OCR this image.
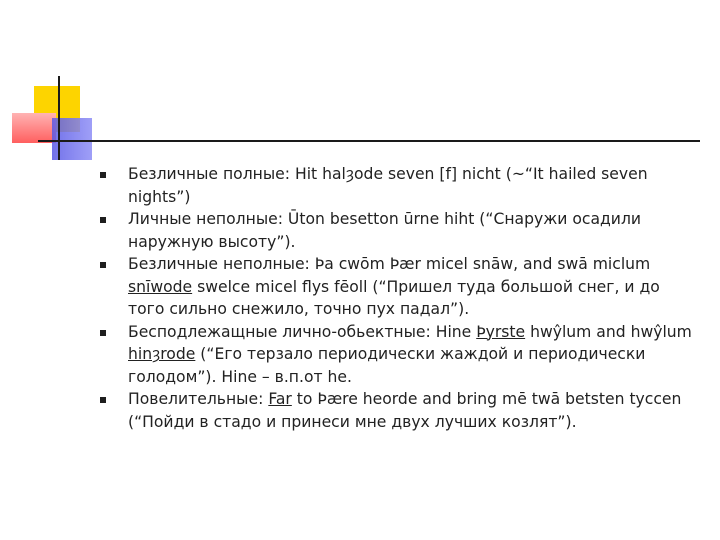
Безличные полные: Hit halȝode seven [f] nicht (~“It hailed seven nights”)
Личные неполные: Ūton besetton ūrne hiht (“Снаружи осадили наружную высоту”).
Безличные неполные: Þa cwōm Þær micel snāw, and swā miclum snīwode swelce micel flys fēoll (“Пришел туда большой снег, и до того сильно снежило, точно пух падал”).
Бесподлежащные лично-обьектные: Hine Þyrste hwŷlum and hwŷlum hinȝrode (“Его терзало периодически жаждой и периодически голодом”). Hine – в.п.от he.
Повелительные: Far to Þære heorde and bring mē twā betsten tyccen (“Пойди в стадо и принеси мне двух лучших козлят”).
